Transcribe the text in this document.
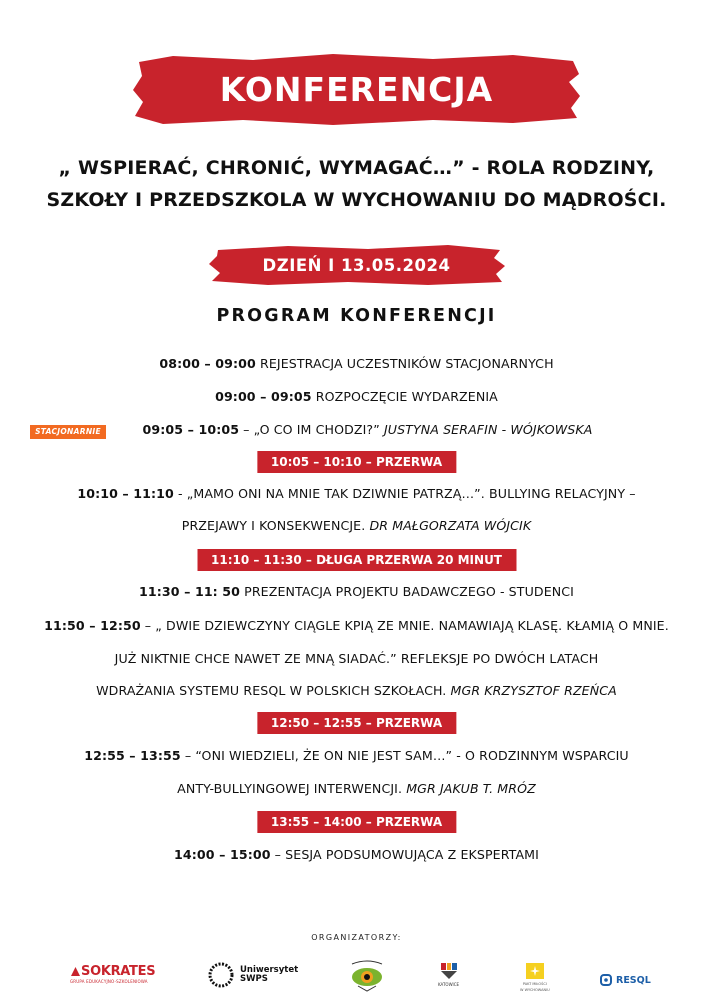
KONFERENCJA
„ WSPIERAĆ, CHRONIĆ, WYMAGAĆ…” - ROLA RODZINY,
SZKOŁY I PRZEDSZKOLA W WYCHOWANIU DO MĄDROŚCI.
DZIEŃ I 13.05.2024
PROGRAM KONFERENCJI
08:00 – 09:00 REJESTRACJA UCZESTNIKÓW STACJONARNYCH
09:00 – 09:05 ROZPOCZĘCIE WYDARZENIA
STACJONARNIE	09:05 – 10:05 – „O CO IM CHODZI?” JUSTYNA SERAFIN - WÓJKOWSKA
10:05 – 10:10 – PRZERWA
10:10 – 11:10 - „MAMO ONI NA MNIE TAK DZIWNIE PATRZĄ…”. BULLYING RELACYJNY –
PRZEJAWY I KONSEKWENCJE. DR MAŁGORZATA WÓJCIK
11:10 – 11:30 – DŁUGA PRZERWA 20 MINUT
11:30 – 11: 50 PREZENTACJA PROJEKTU BADAWCZEGO - STUDENCI
11:50 – 12:50 – „ DWIE DZIEWCZYNY CIĄGLE KPIĄ ZE MNIE. NAMAWIAJĄ KLASĘ. KŁAMIĄ O MNIE.
JUŻ NIKTNIE CHCE NAWET ZE MNĄ SIADAĆ.” REFLEKSJE PO DWÓCH LATACH
WDRAŻANIA SYSTEMU RESQL W POLSKICH SZKOŁACH. MGR KRZYSZTOF RZEŃCA
12:50 – 12:55 – PRZERWA
12:55 – 13:55 – “ONI WIEDZIELI, ŻE ON NIE JEST SAM…” - O RODZINNYM WSPARCIU
ANTY-BULLYINGOWEJ INTERWENCJI. MGR JAKUB T. MRÓZ
13:55 – 14:00 – PRZERWA
14:00 – 15:00 – SESJA PODSUMOWUJĄCA Z EKSPERTAMI
ORGANIZATORZY:
SOKRATES
GRUPA EDUKACYJNO-SZKOLENIOWA
Uniwersytet
SWPS
KATOWICE	PAKT MIŁOŚCI
W WYCHOWANIU
RESQL
